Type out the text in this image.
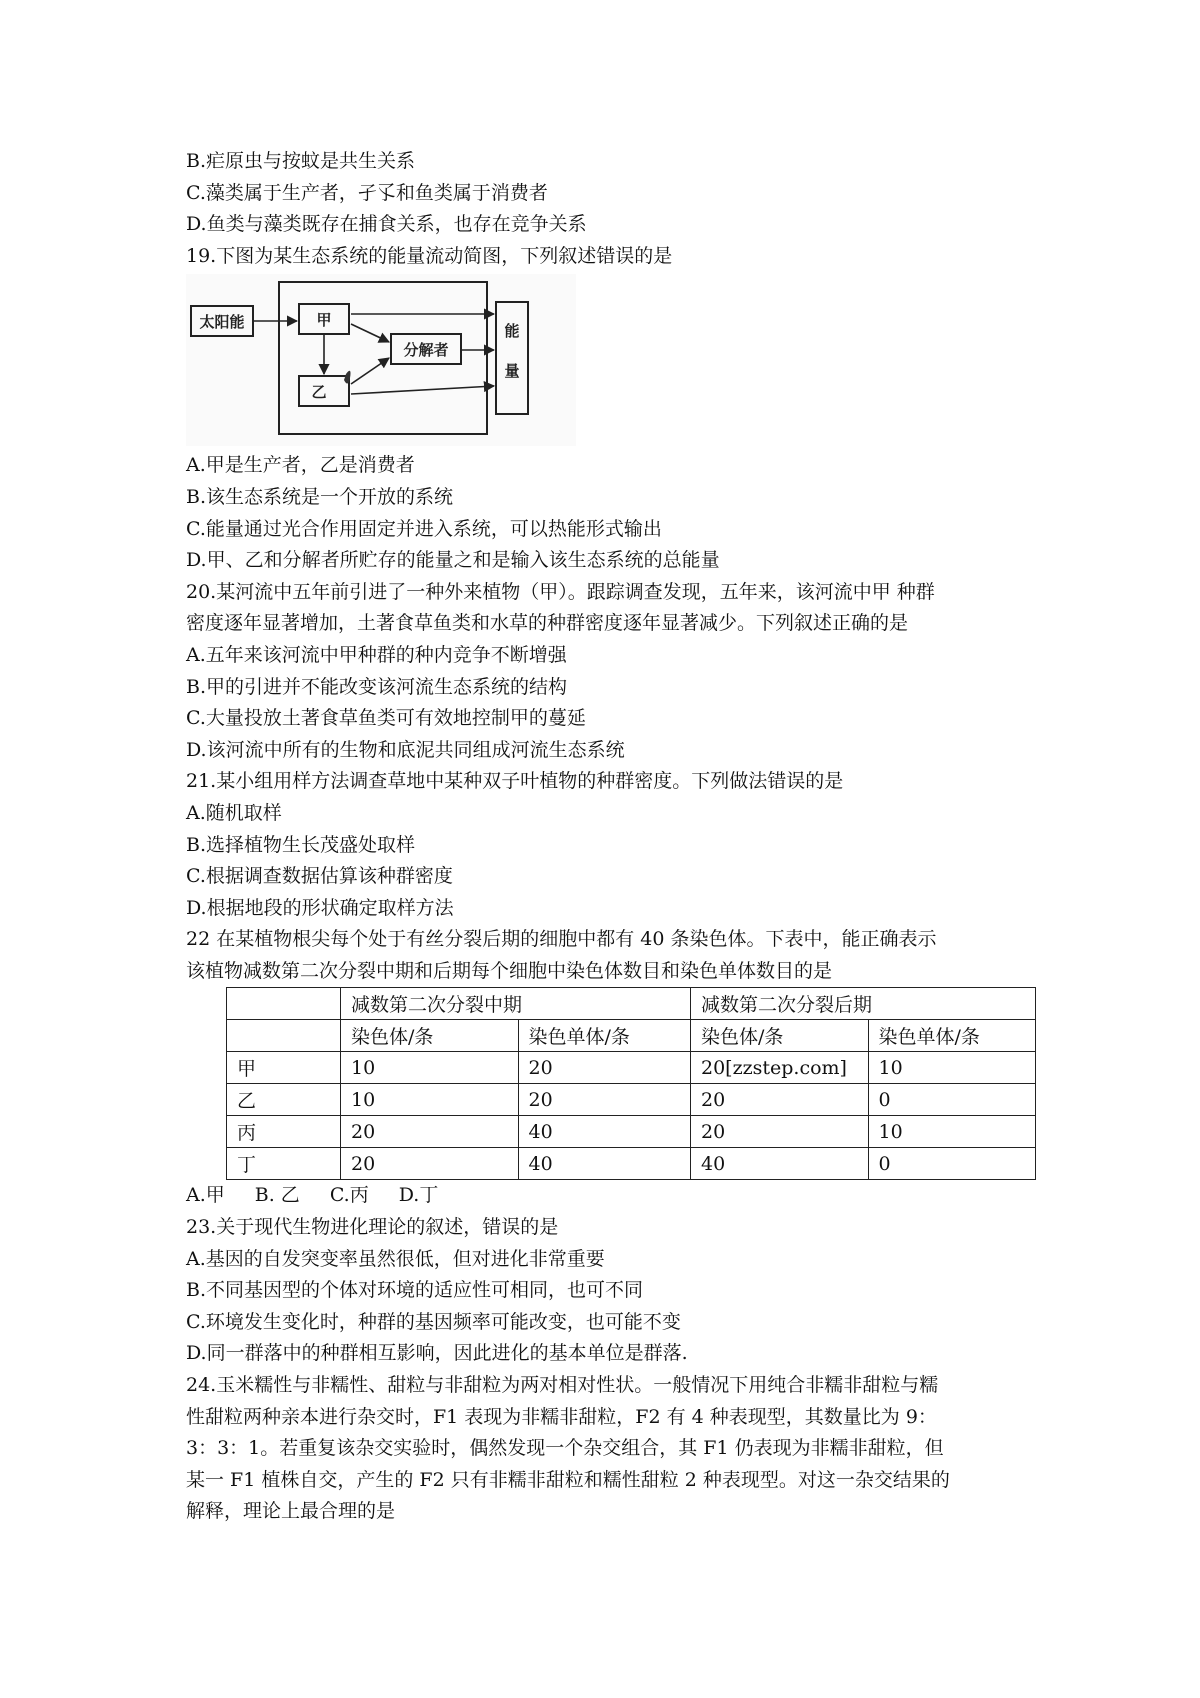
B.疟原虫与按蚊是共生关系
C.藻类属于生产者，孑孓和鱼类属于消费者
D.鱼类与藻类既存在捕食关系，也存在竞争关系
19.下图为某生态系统的能量流动简图，下列叙述错误的是
太阳能	甲
乙
分解者
能
量
A.甲是生产者，乙是消费者
B.该生态系统是一个开放的系统
C.能量通过光合作用固定并进入系统，可以热能形式输出
D.甲、乙和分解者所贮存的能量之和是输入该生态系统的总能量
20.某河流中五年前引进了一种外来植物（甲）。跟踪调查发现，五年来，该河流中甲 种群
密度逐年显著增加，土著食草鱼类和水草的种群密度逐年显著减少。下列叙述正确的是
A.五年来该河流中甲种群的种内竞争不断增强
B.甲的引进并不能改变该河流生态系统的结构
C.大量投放土著食草鱼类可有效地控制甲的蔓延
D.该河流中所有的生物和底泥共同组成河流生态系统
21.某小组用样方法调查草地中某种双子叶植物的种群密度。下列做法错误的是
A.随机取样
B.选择植物生长茂盛处取样
C.根据调查数据估算该种群密度
D.根据地段的形状确定取样方法
22 在某植物根尖每个处于有丝分裂后期的细胞中都有 40 条染色体。下表中，能正确表示
该植物减数第二次分裂中期和后期每个细胞中染色体数目和染色单体数目的是
	减数第二次分裂中期		减数第二次分裂后期	
	染色体/条	染色单体/条	染色体/条	染色单体/条
甲	10	20	20[zzstep.com]	10
乙	10	20	20	0
丙	20	40	20	10
丁	20	40	40	0
A.甲 B. 乙 C.丙 D.丁
23.关于现代生物进化理论的叙述，错误的是
A.基因的自发突变率虽然很低，但对进化非常重要
B.不同基因型的个体对环境的适应性可相同，也可不同
C.环境发生变化时，种群的基因频率可能改变，也可能不变
D.同一群落中的种群相互影响，因此进化的基本单位是群落.
24.玉米糯性与非糯性、甜粒与非甜粒为两对相对性状。一般情况下用纯合非糯非甜粒与糯
性甜粒两种亲本进行杂交时，F1 表现为非糯非甜粒，F2 有 4 种表现型，其数量比为 9：
3：3：1。若重复该杂交实验时，偶然发现一个杂交组合，其 F1 仍表现为非糯非甜粒，但
某一 F1 植株自交，产生的 F2 只有非糯非甜粒和糯性甜粒 2 种表现型。对这一杂交结果的
解释，理论上最合理的是
